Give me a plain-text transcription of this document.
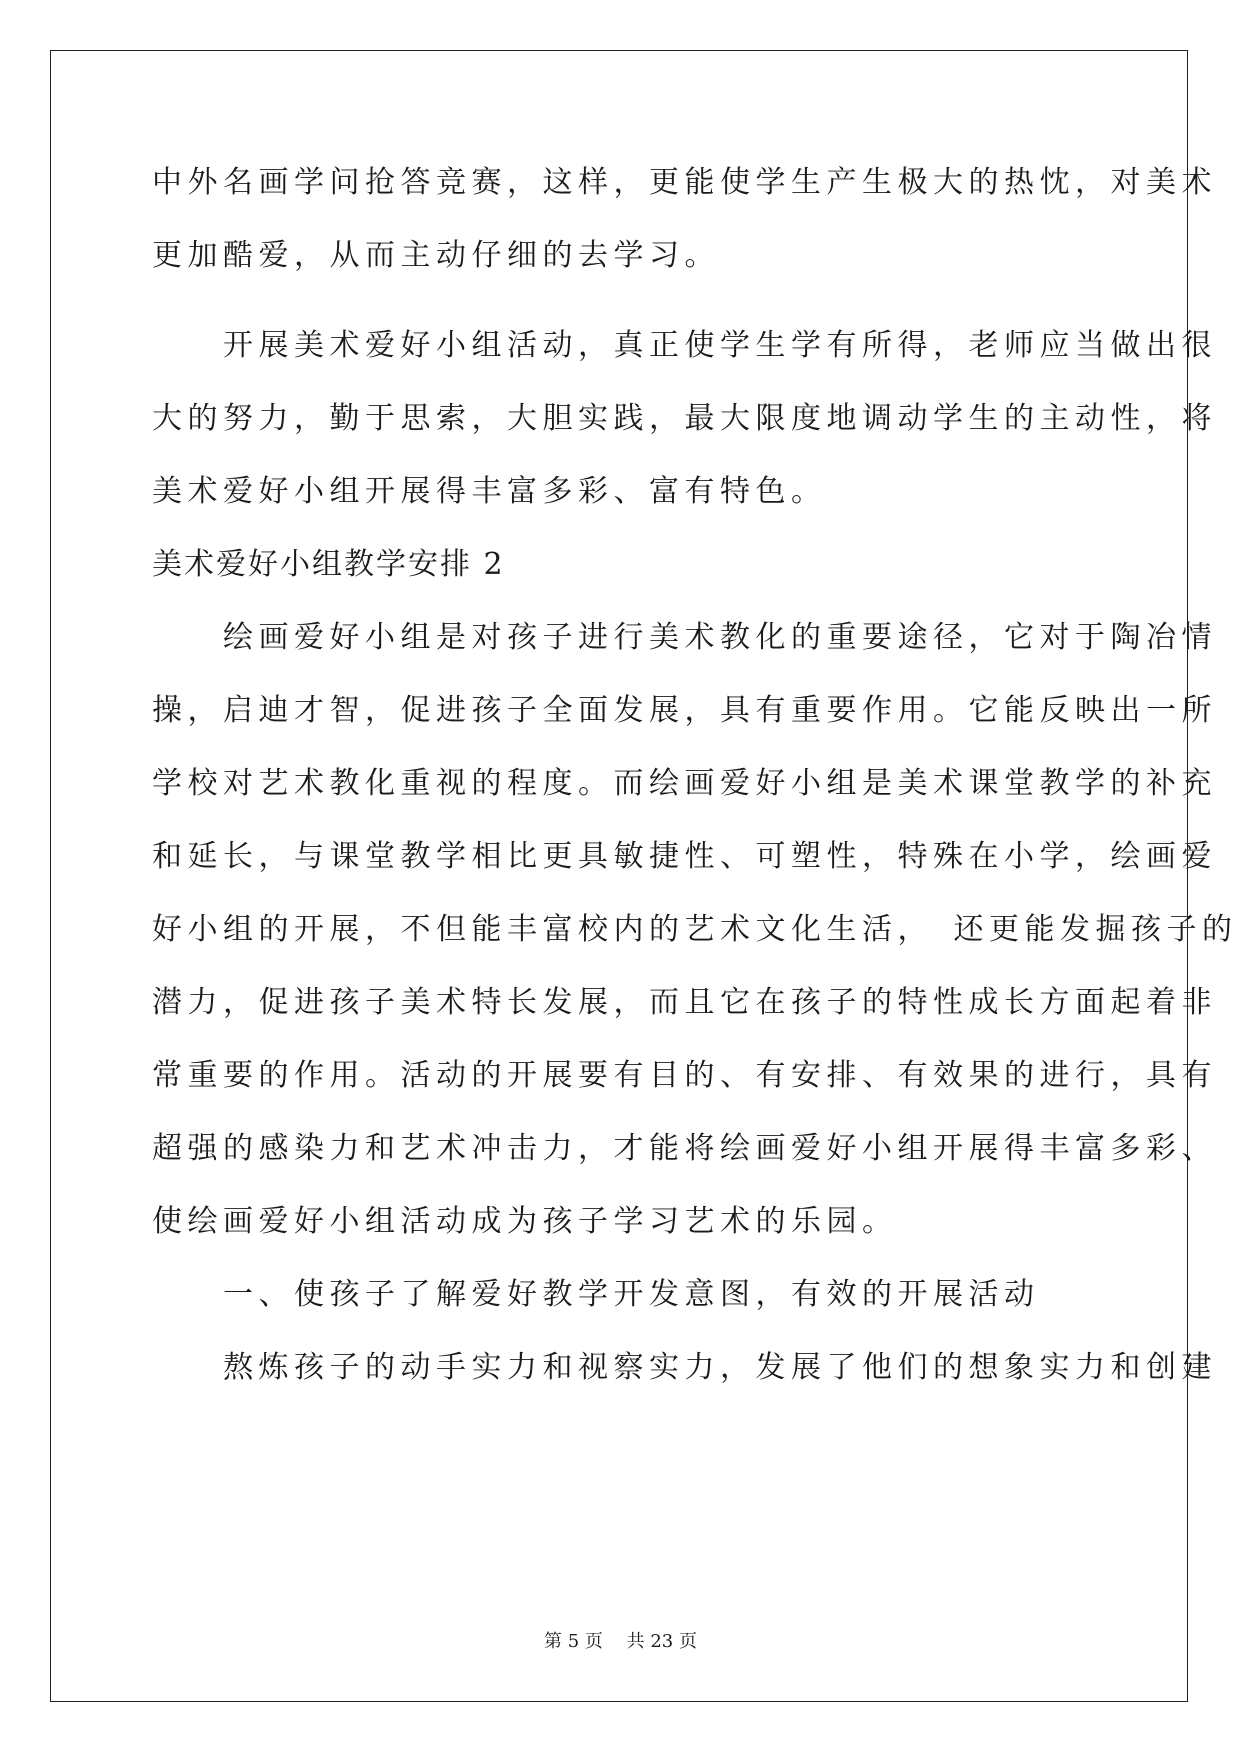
中外名画学问抢答竞赛，这样，更能使学生产生极大的热忱，对美术
更加酷爱，从而主动仔细的去学习。
　　开展美术爱好小组活动，真正使学生学有所得，老师应当做出很
大的努力，勤于思索，大胆实践，最大限度地调动学生的主动性，将
美术爱好小组开展得丰富多彩、富有特色。
美术爱好小组教学安排 2
　　绘画爱好小组是对孩子进行美术教化的重要途径，它对于陶冶情
操，启迪才智，促进孩子全面发展，具有重要作用。它能反映出一所
学校对艺术教化重视的程度。而绘画爱好小组是美术课堂教学的补充
和延长，与课堂教学相比更具敏捷性、可塑性，特殊在小学，绘画爱
好小组的开展，不但能丰富校内的艺术文化生活，　还更能发掘孩子的
潜力，促进孩子美术特长发展，而且它在孩子的特性成长方面起着非
常重要的作用。活动的开展要有目的、有安排、有效果的进行，具有
超强的感染力和艺术冲击力，才能将绘画爱好小组开展得丰富多彩、
使绘画爱好小组活动成为孩子学习艺术的乐园。
　　一、使孩子了解爱好教学开发意图，有效的开展活动
　　熬炼孩子的动手实力和视察实力，发展了他们的想象实力和创建
第 5 页　 共 23 页
